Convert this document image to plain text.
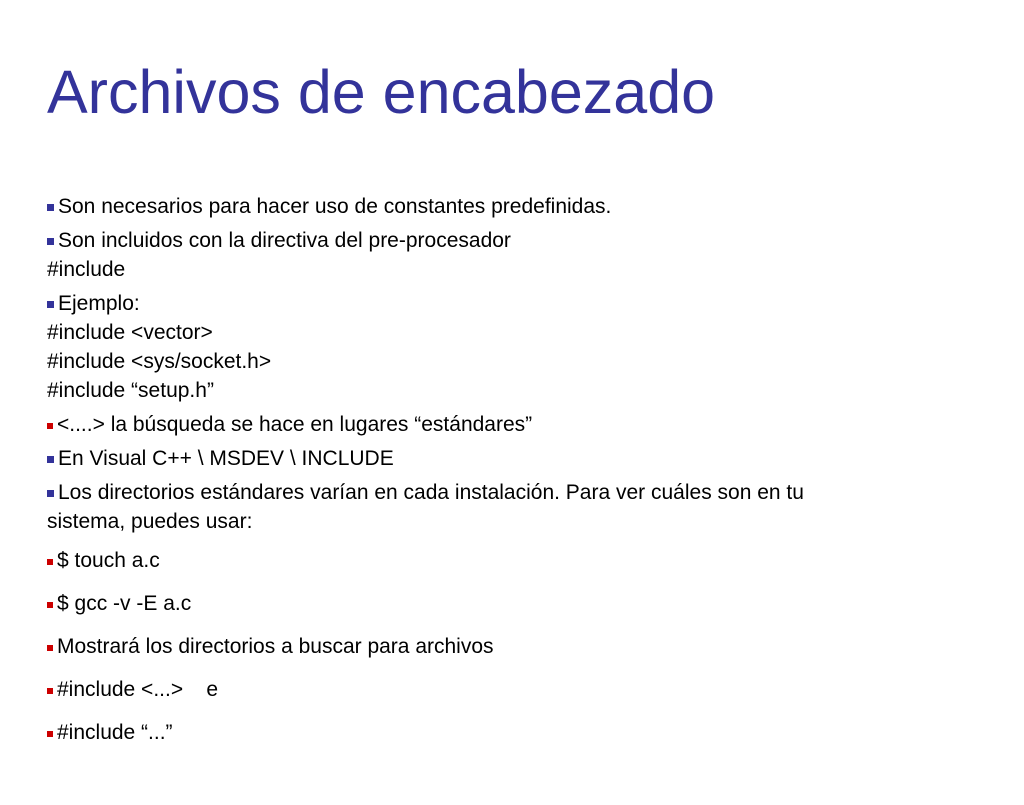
Archivos de encabezado
Son necesarios para hacer uso de constantes predefinidas.
Son incluidos con la directiva del pre-procesador
#include
Ejemplo:
#include <vector>
#include <sys/socket.h>
#include “setup.h”
<....> la búsqueda se hace en lugares “estándares”
En Visual C++ \ MSDEV \ INCLUDE
Los directorios estándares varían en cada instalación. Para ver cuáles son en tu
sistema, puedes usar:
$ touch a.c
$ gcc -v -E a.c
Mostrará los directorios a buscar para archivos
#include <...>    e
#include “...”
